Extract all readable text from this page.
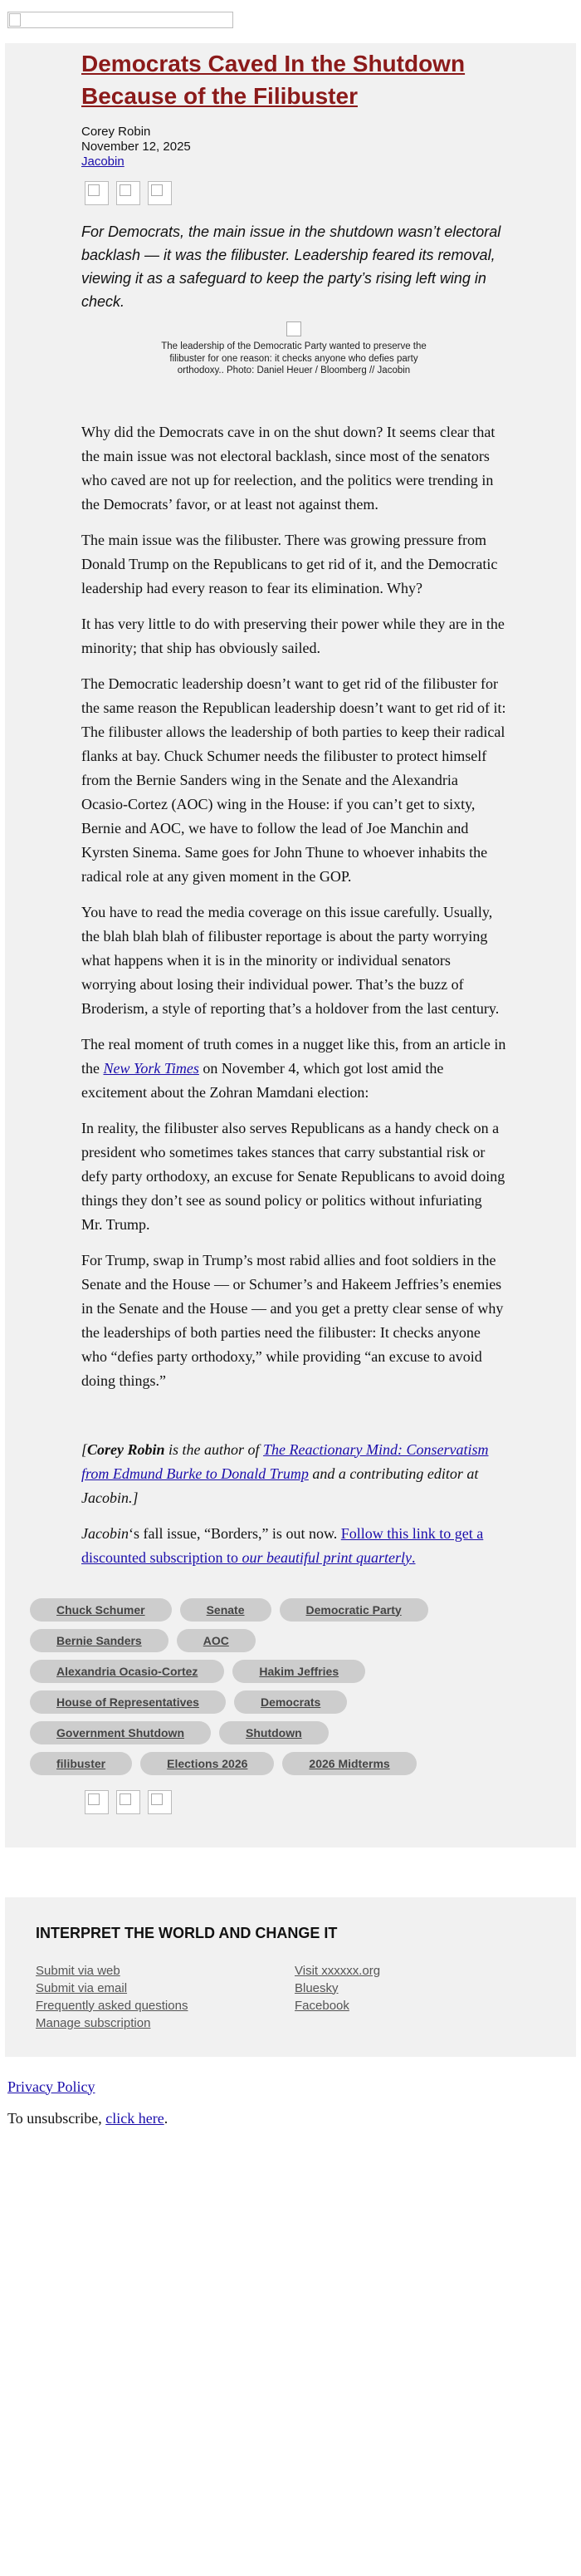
Democrats Caved In the Shutdown Because of the Filibuster
Corey Robin
November 12, 2025
Jacobin
For Democrats, the main issue in the shutdown wasn’t electoral backlash — it was the filibuster. Leadership feared its removal, viewing it as a safeguard to keep the party’s rising left wing in check.
The leadership of the Democratic Party wanted to preserve the filibuster for one reason: it checks anyone who defies party orthodoxy.. Photo: Daniel Heuer / Bloomberg // Jacobin

Why did the Democrats cave in on the shut down? It seems clear that the main issue was not electoral backlash, since most of the senators who caved are not up for reelection, and the politics were trending in the Democrats’ favor, or at least not against them.

The main issue was the filibuster. There was growing pressure from Donald Trump on the Republicans to get rid of it, and the Democratic leadership had every reason to fear its elimination. Why?

It has very little to do with preserving their power while they are in the minority; that ship has obviously sailed.

The Democratic leadership doesn’t want to get rid of the filibuster for the same reason the Republican leadership doesn’t want to get rid of it: The filibuster allows the leadership of both parties to keep their radical flanks at bay. Chuck Schumer needs the filibuster to protect himself from the Bernie Sanders wing in the Senate and the Alexandria Ocasio-Cortez (AOC) wing in the House: if you can’t get to sixty, Bernie and AOC, we have to follow the lead of Joe Manchin and Kyrsten Sinema. Same goes for John Thune to whoever inhabits the radical role at any given moment in the GOP.

You have to read the media coverage on this issue carefully. Usually, the blah blah blah of filibuster reportage is about the party worrying what happens when it is in the minority or individual senators worrying about losing their individual power. That’s the buzz of Broderism, a style of reporting that’s a holdover from the last century.

The real moment of truth comes in a nugget like this, from an article in the New York Times on November 4, which got lost amid the excitement about the Zohran Mamdani election:

In reality, the filibuster also serves Republicans as a handy check on a president who sometimes takes stances that carry substantial risk or defy party orthodoxy, an excuse for Senate Republicans to avoid doing things they don’t see as sound policy or politics without infuriating Mr. Trump.

For Trump, swap in Trump’s most rabid allies and foot soldiers in the Senate and the House — or Schumer’s and Hakeem Jeffries’s enemies in the Senate and the House — and you get a pretty clear sense of why the leaderships of both parties need the filibuster: It checks anyone who “defies party orthodoxy,” while providing “an excuse to avoid doing things.”

[Corey Robin is the author of The Reactionary Mind: Conservatism from Edmund Burke to Donald Trump and a contributing editor at Jacobin.]

Jacobin‘s fall issue, “Borders,” is out now. Follow this link to get a discounted subscription to our beautiful print quarterly.

Chuck Schumer	Senate	Democratic Party
Bernie Sanders	AOC
Alexandria Ocasio-Cortez	Hakim Jeffries
House of Representatives	Democrats
Government Shutdown	Shutdown
filibuster	Elections 2026	2026 Midterms
INTERPRET THE WORLD AND CHANGE IT
Submit via web
Submit via email
Frequently asked questions
Manage subscription
Visit xxxxxx.org
Bluesky
Facebook
Privacy Policy
To unsubscribe, click here.
